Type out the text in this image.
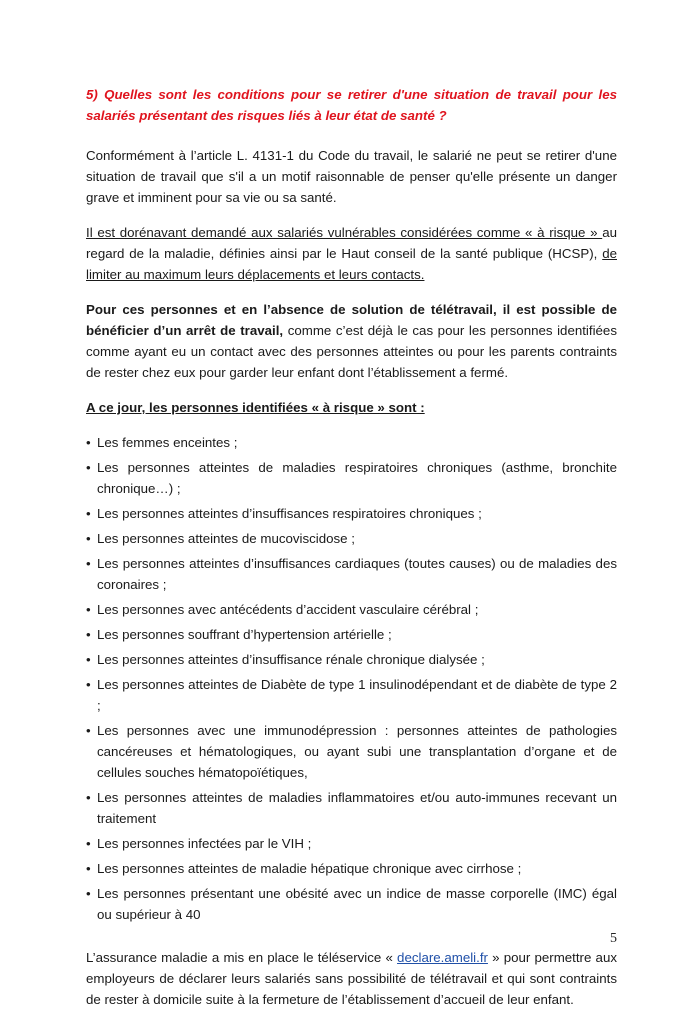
5) Quelles sont les conditions pour se retirer d'une situation de travail pour les salariés présentant des risques liés à leur état de santé ?

Conformément à l’article L. 4131-1 du Code du travail, le salarié ne peut se retirer d'une situation de travail que s'il a un motif raisonnable de penser qu'elle présente un danger grave et imminent pour sa vie ou sa santé.

Il est dorénavant demandé aux salariés vulnérables considérées comme « à risque » au regard de la maladie, définies ainsi par le Haut conseil de la santé publique (HCSP), de limiter au maximum leurs déplacements et leurs contacts.

Pour ces personnes et en l’absence de solution de télétravail, il est possible de bénéficier d’un arrêt de travail, comme c’est déjà le cas pour les personnes identifiées comme ayant eu un contact avec des personnes atteintes ou pour les parents contraints de rester chez eux pour garder leur enfant dont l’établissement a fermé.

A ce jour, les personnes identifiées « à risque » sont :
• Les femmes enceintes ;
• Les personnes atteintes de maladies respiratoires chroniques (asthme, bronchite chronique…) ;
• Les personnes atteintes d’insuffisances respiratoires chroniques ;
• Les personnes atteintes de mucoviscidose ;
• Les personnes atteintes d’insuffisances cardiaques (toutes causes) ou de maladies des coronaires ;
• Les personnes avec antécédents d’accident vasculaire cérébral ;
• Les personnes souffrant d’hypertension artérielle ;
• Les personnes atteintes d’insuffisance rénale chronique dialysée ;
• Les personnes atteintes de Diabète de type 1 insulinodépendant et de diabète de type 2 ;
• Les personnes avec une immunodépression : personnes atteintes de pathologies cancéreuses et hématologiques, ou ayant subi une transplantation d’organe et de cellules souches hématopoïétiques,
• Les personnes atteintes de maladies inflammatoires et/ou auto-immunes recevant un traitement
• Les personnes infectées par le VIH ;
• Les personnes atteintes de maladie hépatique chronique avec cirrhose ;
• Les personnes présentant une obésité avec un indice de masse corporelle (IMC) égal ou supérieur à 40

L’assurance maladie a mis en place le téléservice « declare.ameli.fr » pour permettre aux employeurs de déclarer leurs salariés sans possibilité de télétravail et qui sont contraints de rester à domicile suite à la fermeture de l’établissement d’accueil de leur enfant.

5
